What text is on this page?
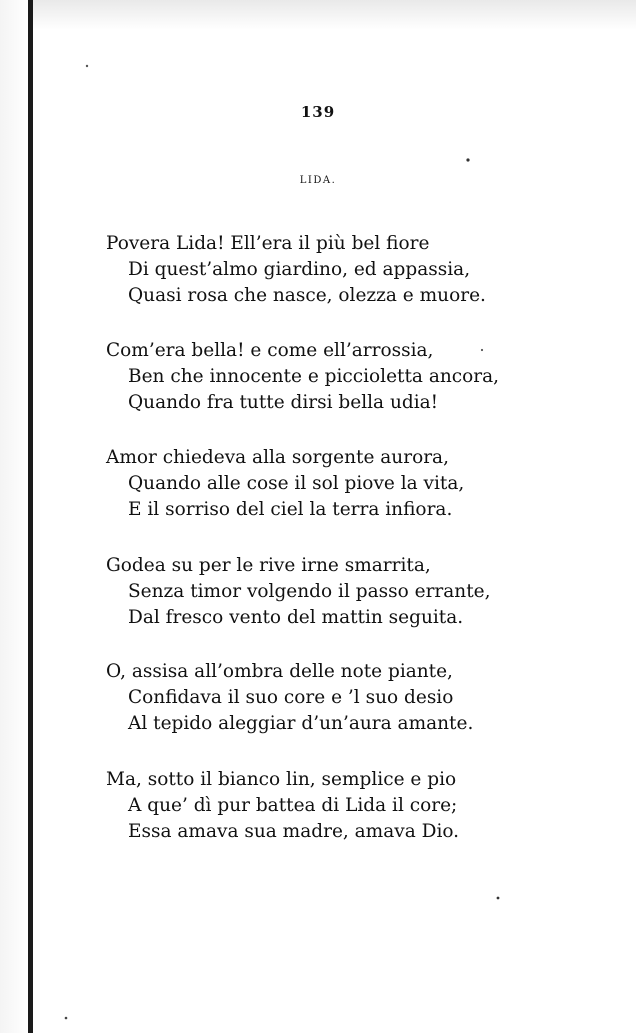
139
LIDA.
Povera Lida! Ell’era il più bel fiore
Di quest’almo giardino, ed appassia,
Quasi rosa che nasce, olezza e muore.
Com’era bella! e come ell’arrossia,
Ben che innocente e piccioletta ancora,
Quando fra tutte dirsi bella udia!
Amor chiedeva alla sorgente aurora,
Quando alle cose il sol piove la vita,
E il sorriso del ciel la terra infiora.
Godea su per le rive irne smarrita,
Senza timor volgendo il passo errante,
Dal fresco vento del mattin seguita.
O, assisa all’ombra delle note piante,
Confidava il suo core e ’l suo desio
Al tepido aleggiar d’un’aura amante.
Ma, sotto il bianco lin, semplice e pio
A que’ dì pur battea di Lida il core;
Essa amava sua madre, amava Dio.
